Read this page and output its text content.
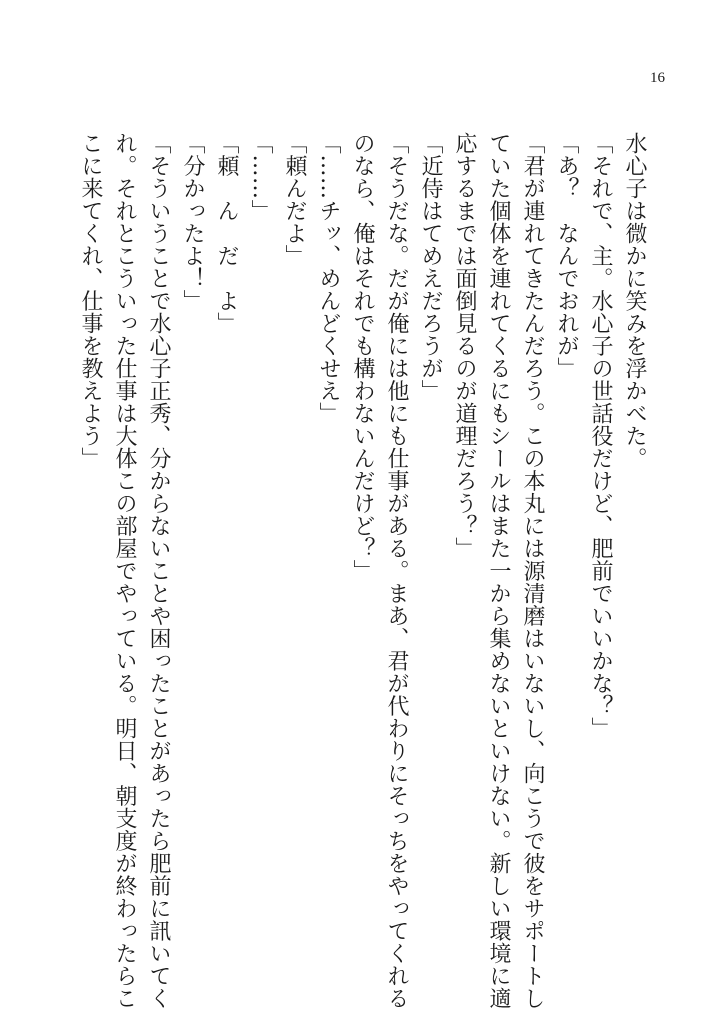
16
水心子は微かに笑みを浮かべた。
「それで、主。水心子の世話役だけど、肥前でいいかな？」
「あ？　なんでおれが」
「君が連れてきたんだろう。この本丸には源清磨はいないし、向こうで彼をサポートし
ていた個体を連れてくるにもシールはまた一から集めないといけない。新しい環境に適
応するまでは面倒見るのが道理だろう？」
「近侍はてめえだろうが」
「そうだな。だが俺には他にも仕事がある。まあ、君が代わりにそっちをやってくれる
のなら、俺はそれでも構わないんだけど？」
「……チッ、めんどくせえ」
「頼んだよ」
「……」
「頼　ん　だ　よ」
「分かったよ！」
「そういうことで水心子正秀、分からないことや困ったことがあったら肥前に訊いてく
れ。それとこういった仕事は大体この部屋でやっている。明日、朝支度が終わったらこ
こに来てくれ、仕事を教えよう」
